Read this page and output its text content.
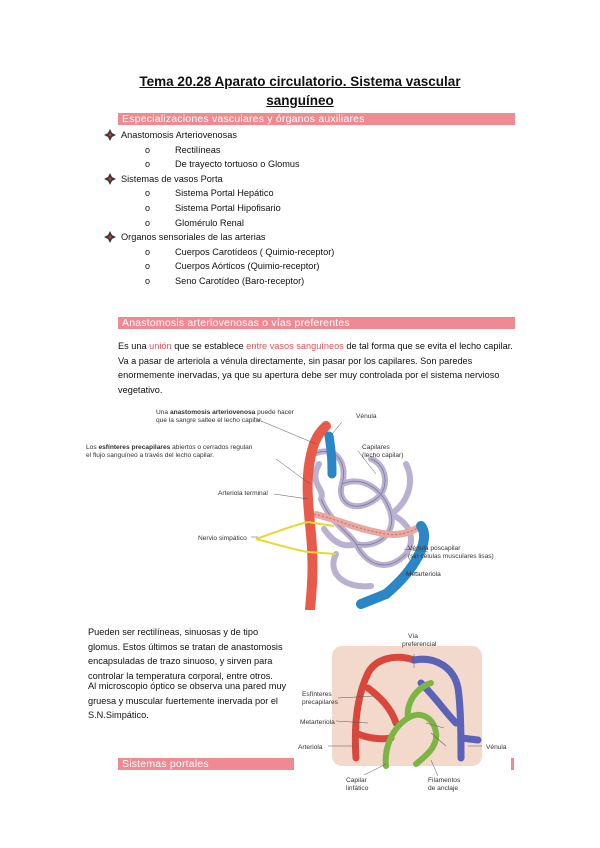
Tema 20.28 Aparato circulatorio. Sistema vascular
sanguíneo
Especializaciones vasculares y órganos auxiliares
Anastomosis Arteriovenosas
o Rectilíneas
o De trayecto tortuoso o Glomus
Sistemas de vasos Porta
o Sistema Portal Hepático
o Sistema Portal Hipofisario
o Glomérulo Renal
Organos sensoriales de las arterias
o Cuerpos Carotídeos ( Quimio-receptor)
o Cuerpos Aórticos (Quimio-receptor)
o Seno Carotídeo (Baro-receptor)
Anastomosis arteriovenosas o vías preferentes

Es una unión que se establece entre vasos sanguíneos de tal forma que se evita el lecho capilar. Va a pasar de arteriola a vénula directamente, sin pasar por los capilares. Son paredes enormemente inervadas, ya que su apertura debe ser muy controlada por el sistema nervioso vegetativo.

Una anastomosis arteriovenosa puede hacer
que la sangre saltee el lecho capilar.
Los esfínteres precapilares abiertos o cerrados regulan
el flujo sanguíneo a través del lecho capilar.
Vénula
Capilares
(lecho capilar)
Arteriola terminal
Nervio simpático
Vénula poscapilar
(sin células musculares lisas)
Metarteriola

Pueden ser rectilíneas, sinuosas y de tipo glomus. Estos últimos se tratan de anastomosis encapsuladas de trazo sinuoso, y sirven para controlar la temperatura corporal, entre otros.

Al microscopio óptico se observa una pared muy gruesa y muscular fuertemente inervada por el S.N.Simpático.

Vía
preferencial
Esfínteres
precapilares
Metarteriola
Arteriola	Vénula
Capilar
linfático
Filamentos
de anclaje
Sistemas portales
